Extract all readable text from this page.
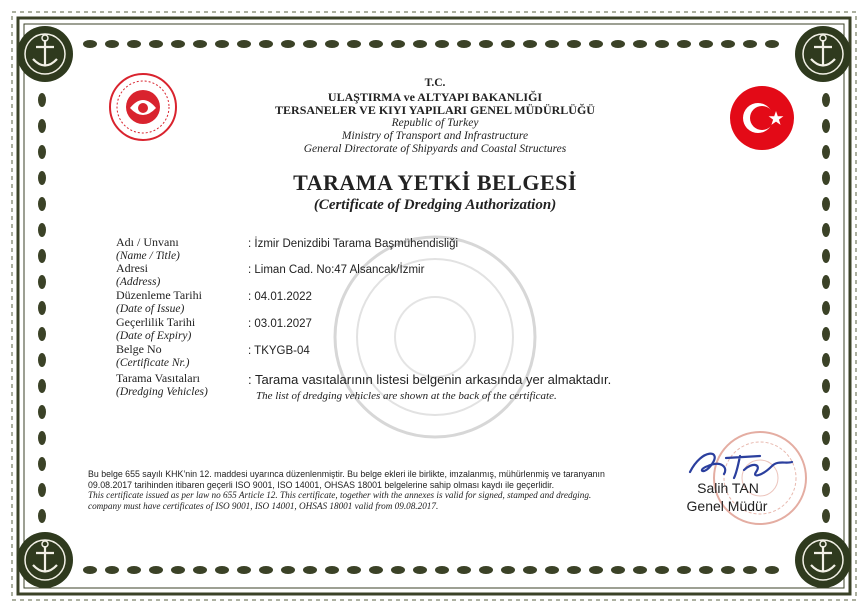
T.C.
ULAŞTIRMA ve ALTYAPI BAKANLIĞI
TERSANELER VE KIYI YAPILARI GENEL MÜDÜRLÜĞÜ
Republic of Turkey
Ministry of Transport and Infrastructure
General Directorate of Shipyards and Coastal Structures
TARAMA YETKİ BELGESİ
(Certificate of Dredging Authorization)
Adı / Unvanı
(Name / Title)
: İzmir Denizdibi Tarama Başmühendisliği
Adresi
(Address)
: Liman Cad. No:47 Alsancak/İzmir
Düzenleme Tarihi
(Date of Issue)
: 04.01.2022
Geçerlilik Tarihi
(Date of Expiry)
: 03.01.2027
Belge No
(Certificate Nr.)
: TKYGB-04
Tarama Vasıtaları
(Dredging Vehicles)
: Tarama vasıtalarının listesi belgenin arkasında yer almaktadır.
The list of dredging vehicles are shown at the back of the certificate.
Bu belge 655 sayılı KHK’nin 12. maddesi uyarınca düzenlenmiştir. Bu belge ekleri ile birlikte, imzalanmış, mühürlenmiş ve taranyanın
09.08.2017 tarihinden itibaren geçerli ISO 9001, ISO 14001, OHSAS 18001 belgelerine sahip olması kaydı ile geçerlidir.
This certificate issued as per law no 655 Article 12. This certificate, together with the annexes is valid for signed, stamped and dredging.
company must have certificates of ISO 9001, ISO 14001, OHSAS 18001 valid from 09.08.2017.
Salih TAN
Genel Müdür
